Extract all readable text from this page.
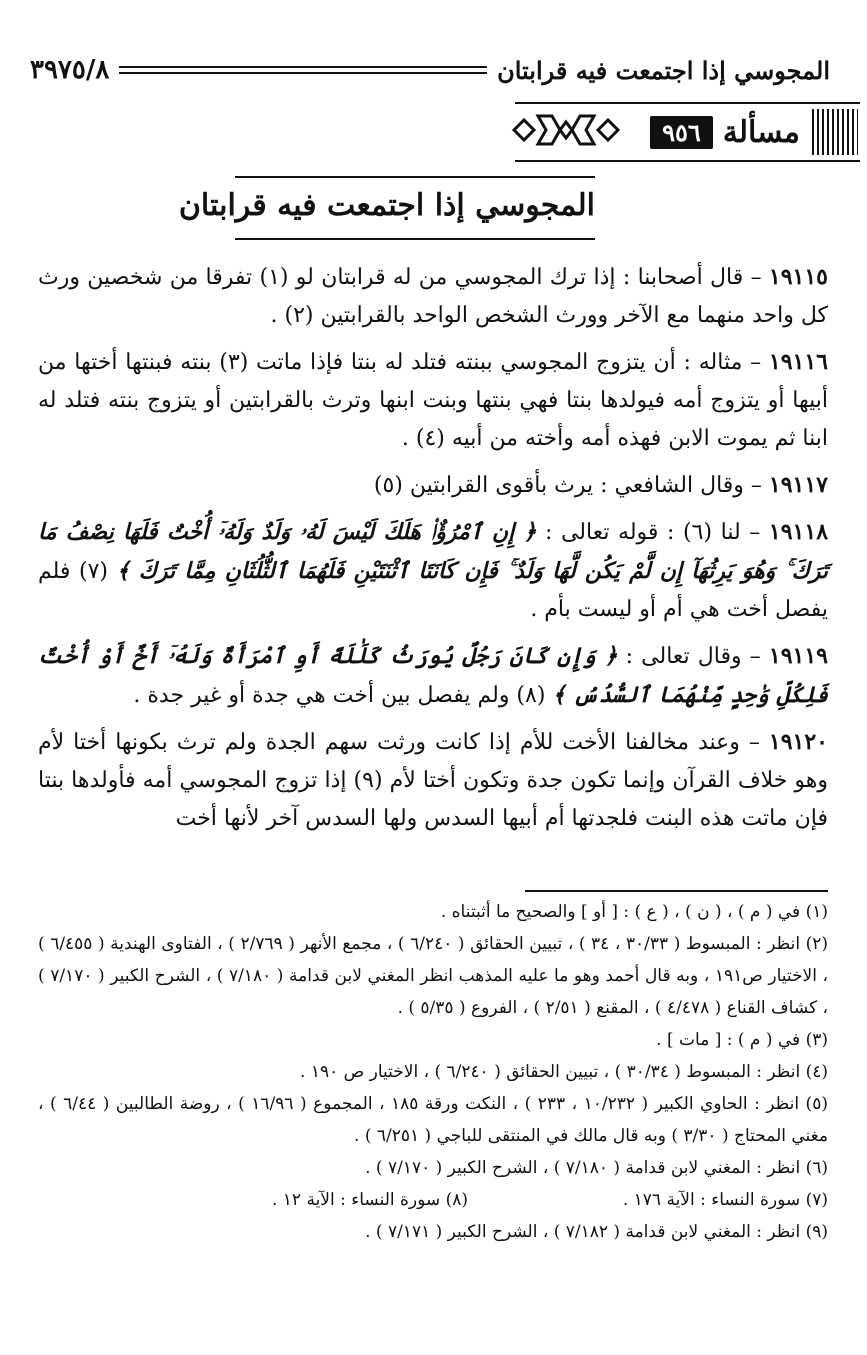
المجوسي إذا اجتمعت فيه قرابتان
٣٩٧٥/٨
مسألة
٩٥٦
المجوسي إذا اجتمعت فيه قرابتان

١٩١١٥ – قال أصحابنا : إذا ترك المجوسي من له قرابتان لو (١) تفرقا من شخصين ورث كل واحد منهما مع الآخر وورث الشخص الواحد بالقرابتين (٢) .

١٩١١٦ – مثاله : أن يتزوج المجوسي ببنته فتلد له بنتا فإذا ماتت (٣) بنته فبنتها أختها من أبيها أو يتزوج أمه فيولدها بنتا فهي بنتها وبنت ابنها وترث بالقرابتين أو يتزوج بنته فتلد له ابنا ثم يموت الابن فهذه أمه وأخته من أبيه (٤) .

١٩١١٧ – وقال الشافعي : يرث بأقوى القرابتين (٥)

١٩١١٨ – لنا (٦) : قوله تعالى : ﴿ إِنِ ٱمْرُؤٌا۟ هَلَكَ لَيْسَ لَهُۥ وَلَدٌ وَلَهُۥٓ أُخْتٌ فَلَهَا نِصْفُ مَا تَرَكَ ۚ وَهُوَ يَرِثُهَآ إِن لَّمْ يَكُن لَّهَا وَلَدٌ ۚ فَإِن كَانَتَا ٱثْنَتَيْنِ فَلَهُمَا ٱلثُّلُثَانِ مِمَّا تَرَكَ ﴾ (٧) فلم يفصل أخت هي أم أو ليست بأم .

١٩١١٩ – وقال تعالى : ﴿ وَإِن كَانَ رَجُلٌ يُورَثُ كَلَٰلَةً أَوِ ٱمْرَأَةٌ وَلَهُۥٓ أَخٌ أَوْ أُخْتٌ فَلِكُلِّ وَٰحِدٍ مِّنْهُمَا ٱلسُّدُسُ ﴾ (٨) ولم يفصل بين أخت هي جدة أو غير جدة .

١٩١٢٠ – وعند مخالفنا الأخت للأم إذا كانت ورثت سهم الجدة ولم ترث بكونها أختا لأم وهو خلاف القرآن وإنما تكون جدة وتكون أختا لأم (٩) إذا تزوج المجوسي أمه فأولدها بنتا فإن ماتت هذه البنت فلجدتها أم أبيها السدس ولها السدس آخر لأنها أخت

(١) في ( م ) ، ( ن ) ، ( ع ) : [ أو ] والصحيح ما أثبتناه .

(٢) انظر : المبسوط ( ٣٠/٣٣ ، ٣٤ ) ، تبيين الحقائق ( ٦/٢٤٠ ) ، مجمع الأنهر ( ٢/٧٦٩ ) ، الفتاوى الهندية ( ٦/٤٥٥ ) ، الاختيار ص١٩١ ، وبه قال أحمد وهو ما عليه المذهب انظر المغني لابن قدامة ( ٧/١٨٠ ) ، الشرح الكبير ( ٧/١٧٠ ) ، كشاف القناع ( ٤/٤٧٨ ) ، المقنع ( ٢/٥١ ) ، الفروع ( ٥/٣٥ ) .

(٣) في ( م ) : [ مات ] .

(٤) انظر : المبسوط ( ٣٠/٣٤ ) ، تبيين الحقائق ( ٦/٢٤٠ ) ، الاختيار ص ١٩٠ .

(٥) انظر : الحاوي الكبير ( ١٠/٢٣٢ ، ٢٣٣ ) ، النكت ورقة ١٨٥ ، المجموع ( ١٦/٩٦ ) ، روضة الطالبين ( ٦/٤٤ ) ، مغني المحتاج ( ٣/٣٠ ) وبه قال مالك في المنتقى للباجي ( ٦/٢٥١ ) .

(٦) انظر : المغني لابن قدامة ( ٧/١٨٠ ) ، الشرح الكبير ( ٧/١٧٠ ) .

(٧) سورة النساء : الآية ١٧٦ .
(٨) سورة النساء : الآية ١٢ .

(٩) انظر : المغني لابن قدامة ( ٧/١٨٢ ) ، الشرح الكبير ( ٧/١٧١ ) .
